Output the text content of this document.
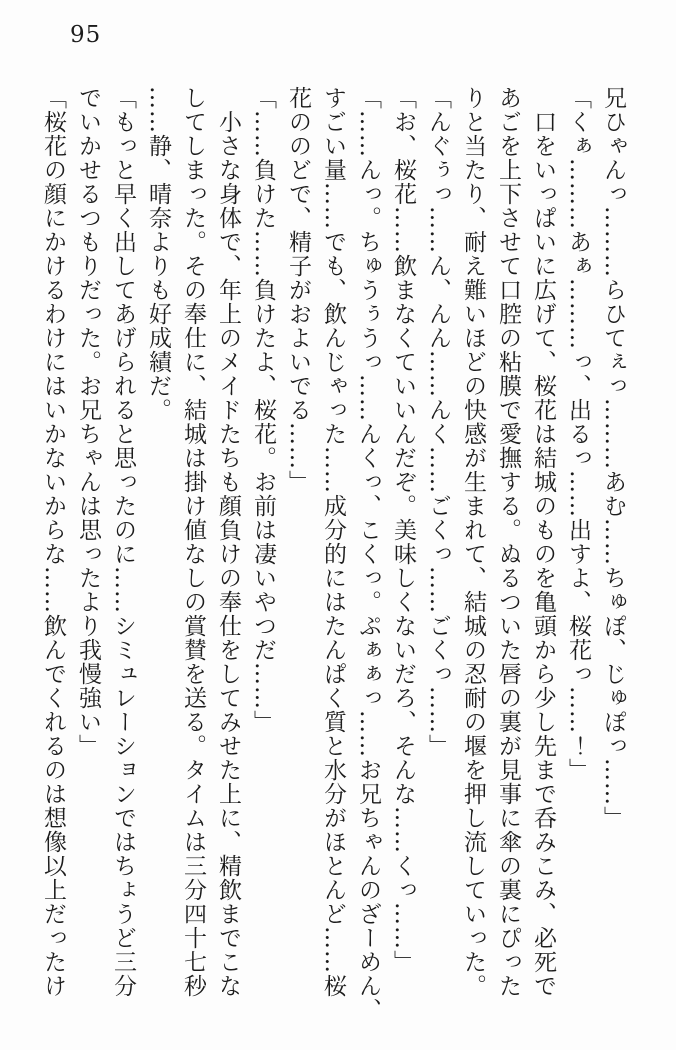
95

兄ひゃんっ………らひてぇっ………あむ……ちゅぽ、じゅぽっ……」

「くぁ………あぁ………っ、出るっ……出すよ、桜花っ……！」

　口をいっぱいに広げて、桜花は結城のものを亀頭から少し先まで呑みこみ、必死で

あごを上下させて口腔の粘膜で愛撫する。ぬるついた唇の裏が見事に傘の裏にぴった

りと当たり、耐え難いほどの快感が生まれて、結城の忍耐の堰を押し流していった。

「んぐぅっ……ん、んん……んく……ごくっ……ごくっ……」

「お、桜花……飲まなくていいんだぞ。美味しくないだろ、そんな……くっ……」

「……んっ。ちゅうぅうっ……んくっ、こくっ。ぷぁぁっ……お兄ちゃんのざーめん、

すごい量……でも、飲んじゃった……成分的にはたんぱく質と水分がほとんど……桜

花ののどで、精子がおよいでる……」

「……負けた……負けたよ、桜花。お前は凄いやつだ……」

　小さな身体で、年上のメイドたちも顔負けの奉仕をしてみせた上に、精飲までこな

してしまった。その奉仕に、結城は掛け値なしの賞賛を送る。タイムは三分四十七秒

……静、晴奈よりも好成績だ。

「もっと早く出してあげられると思ったのに……シミュレーションではちょうど三分

でいかせるつもりだった。お兄ちゃんは思ったより我慢強い」

「桜花の顔にかけるわけにはいかないからな……飲んでくれるのは想像以上だったけ
